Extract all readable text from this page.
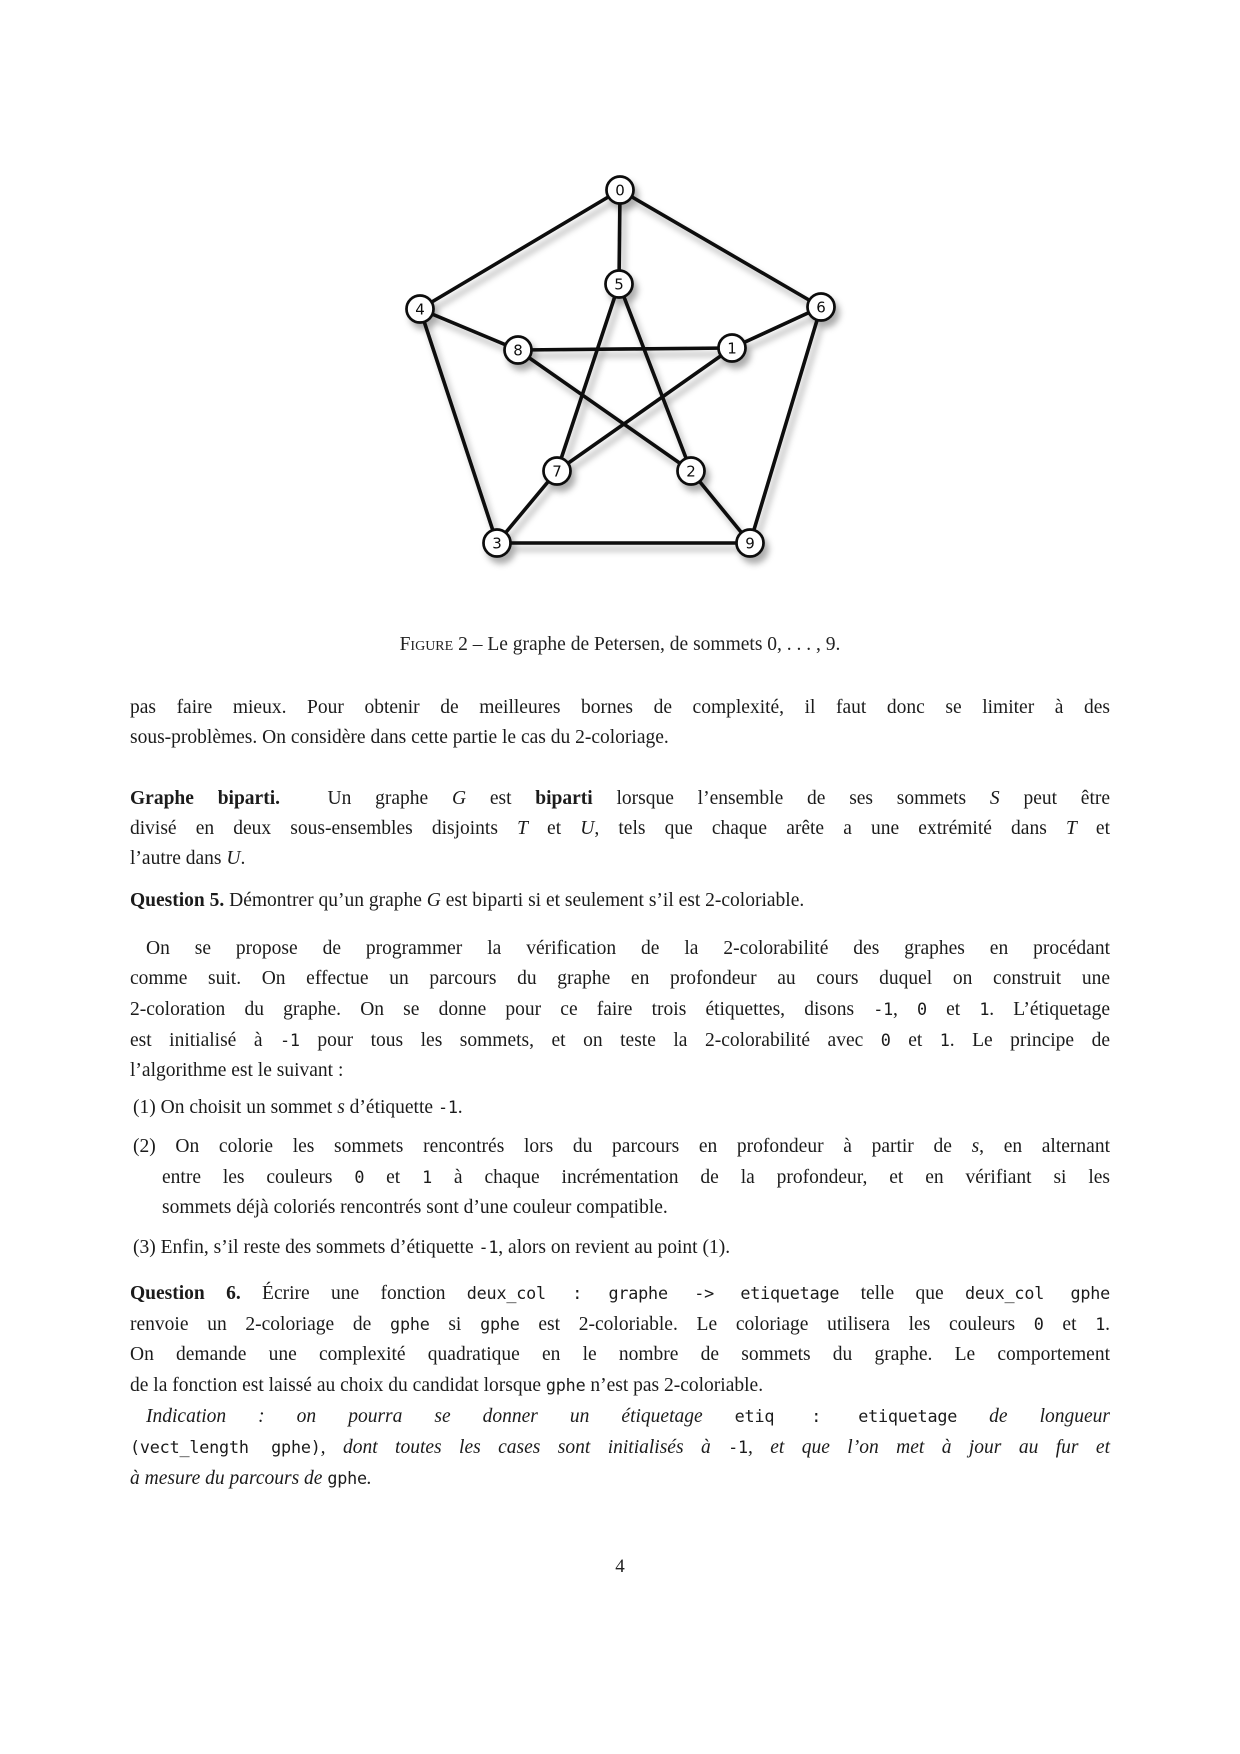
0
5
4	6
8	1
7	2
3	9
Figure 2 – Le graphe de Petersen, de sommets 0, . . . , 9.
pas faire mieux. Pour obtenir de meilleures bornes de complexité, il faut donc se limiter à des
sous-problèmes. On considère dans cette partie le cas du 2-coloriage.
Graphe biparti.  Un graphe G est biparti lorsque l’ensemble de ses sommets S peut être
divisé en deux sous-ensembles disjoints T et U, tels que chaque arête a une extrémité dans T et
l’autre dans U.
Question 5. Démontrer qu’un graphe G est biparti si et seulement s’il est 2-coloriable.
On se propose de programmer la vérification de la 2-colorabilité des graphes en procédant
comme suit. On effectue un parcours du graphe en profondeur au cours duquel on construit une
2-coloration du graphe. On se donne pour ce faire trois étiquettes, disons -1, 0 et 1. L’étiquetage
est initialisé à -1 pour tous les sommets, et on teste la 2-colorabilité avec 0 et 1. Le principe de
l’algorithme est le suivant :
(1) On choisit un sommet s d’étiquette -1.
(2) On colorie les sommets rencontrés lors du parcours en profondeur à partir de s, en alternant
entre les couleurs 0 et 1 à chaque incrémentation de la profondeur, et en vérifiant si les
sommets déjà coloriés rencontrés sont d’une couleur compatible.
(3) Enfin, s’il reste des sommets d’étiquette -1, alors on revient au point (1).
Question 6. Écrire une fonction deux_col : graphe -> etiquetage telle que deux_col gphe
renvoie un 2-coloriage de gphe si gphe est 2-coloriable. Le coloriage utilisera les couleurs 0 et 1.
On demande une complexité quadratique en le nombre de sommets du graphe. Le comportement
de la fonction est laissé au choix du candidat lorsque gphe n’est pas 2-coloriable.
Indication : on pourra se donner un étiquetage etiq : etiquetage de longueur
(vect_length gphe), dont toutes les cases sont initialisés à -1, et que l’on met à jour au fur et
à mesure du parcours de gphe.
4
